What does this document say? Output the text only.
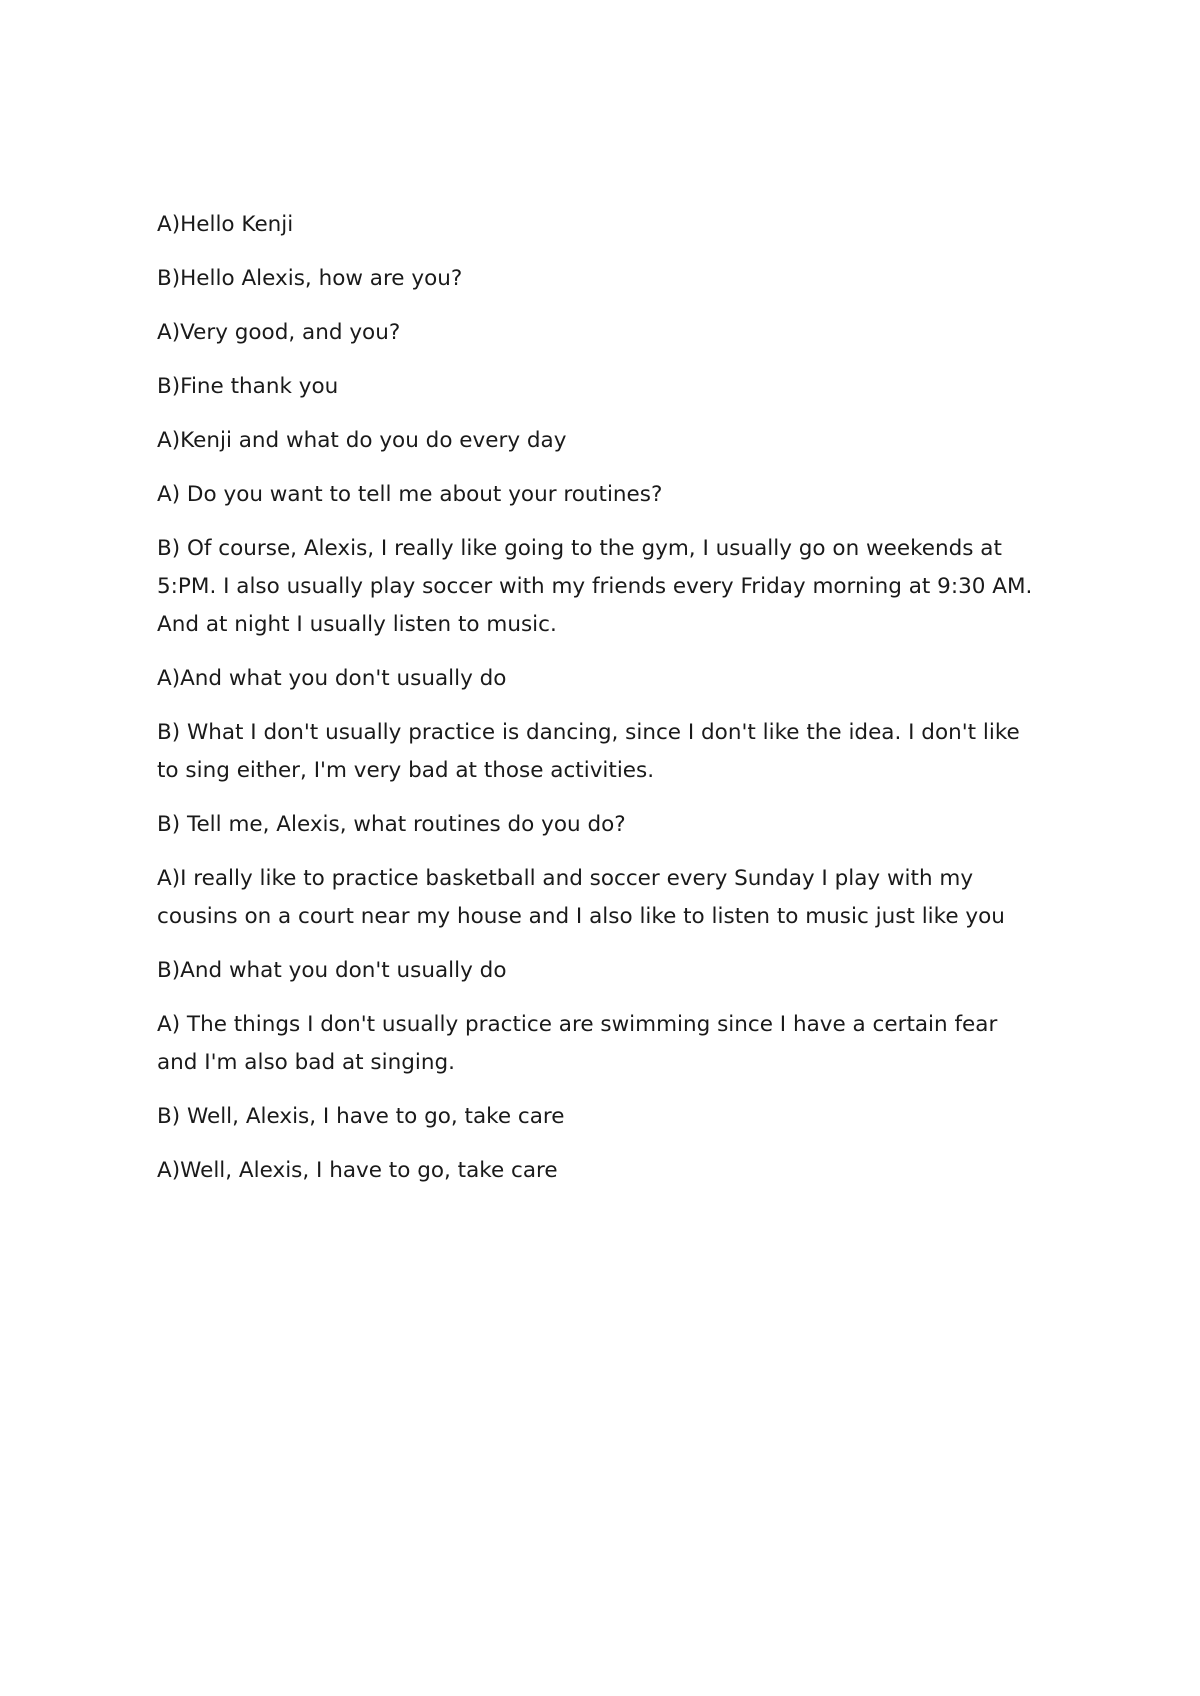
A)Hello Kenji

B)Hello Alexis, how are you?

A)Very good, and you?

B)Fine thank you

A)Kenji and what do you do every day

A) Do you want to tell me about your routines?

B) Of course, Alexis, I really like going to the gym, I usually go on weekends at 5:PM. I also usually play soccer with my friends every Friday morning at 9:30 AM. And at night I usually listen to music.

A)And what you don't usually do

B) What I don't usually practice is dancing, since I don't like the idea. I don't like to sing either, I'm very bad at those activities.

B) Tell me, Alexis, what routines do you do?

A)I really like to practice basketball and soccer every Sunday I play with my cousins on a court near my house and I also like to listen to music just like you

B)And what you don't usually do

A) The things I don't usually practice are swimming since I have a certain fear and I'm also bad at singing.

B) Well, Alexis, I have to go, take care

A)Well, Alexis, I have to go, take care
